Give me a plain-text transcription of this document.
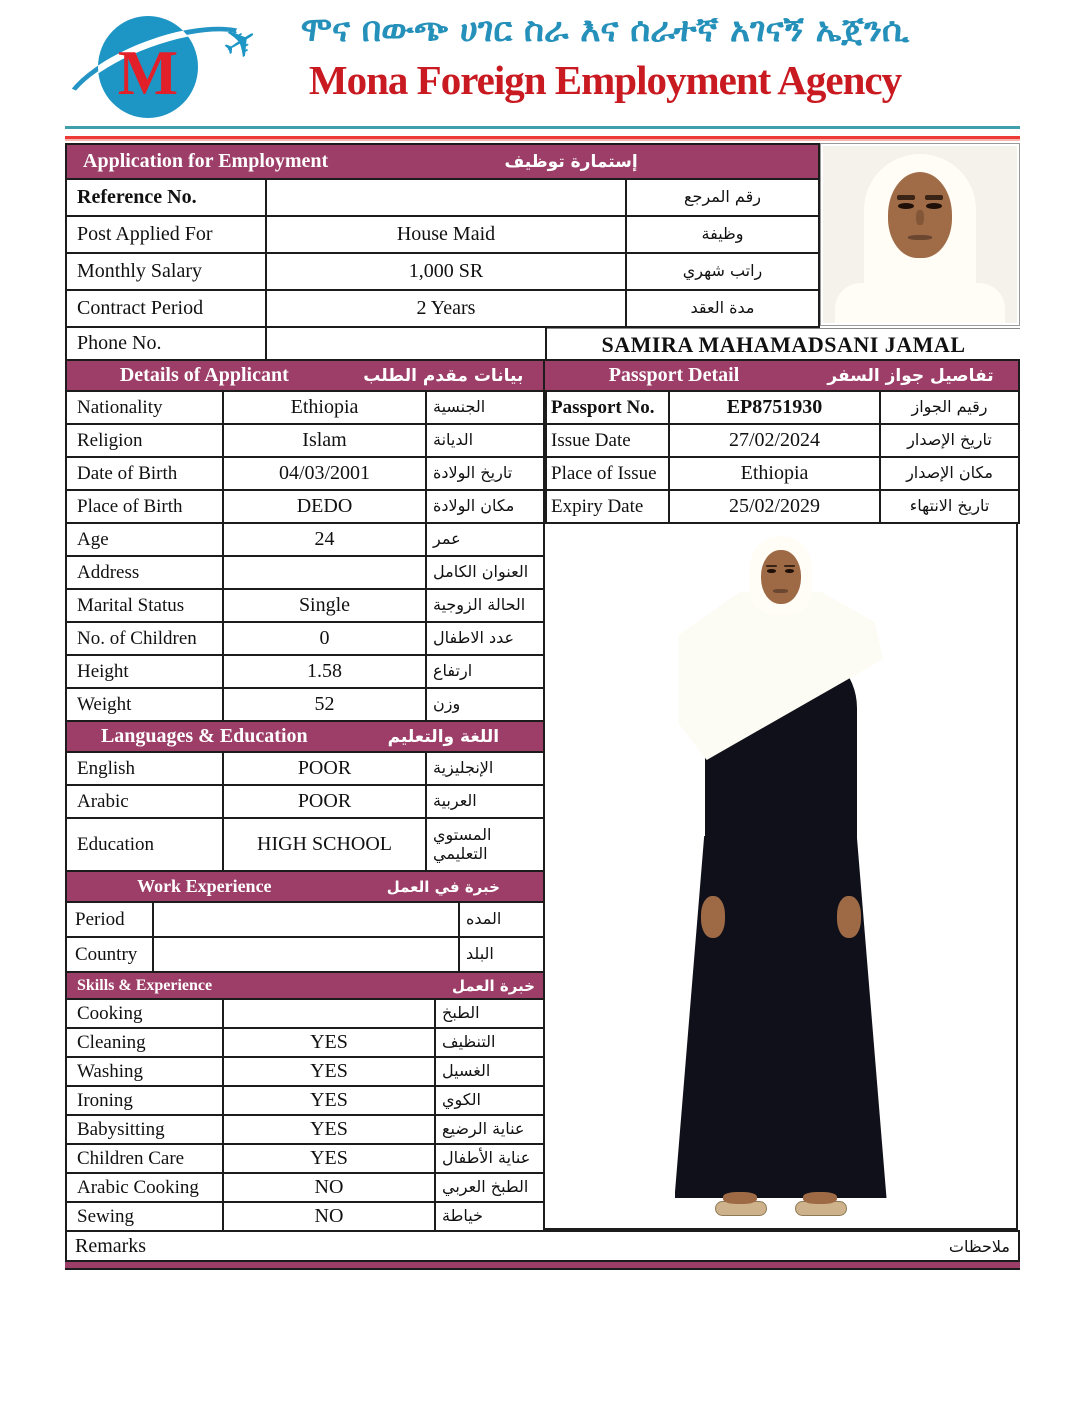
M ✈ ሞና በውጭ ሀገር ስራ እና ሰራተኛ አገናኝ ኤጀንሲ
Mona Foreign Employment Agency
Application for Employment إستمارة توظيف		

Reference No.		رقم المرجع
Post Applied For	House Maid	وظيفة
Monthly Salary	1,000 SR	راتب شهري
Contract Period	2 Years	مدة العقد
Phone No.		SAMIRA MAHAMADSANI JAMAL
Details of Applicant بيانات مقدم الطلب		

Nationality	Ethiopia	الجنسية
Religion	Islam	الديانة
Date of Birth	04/03/2001	تاريخ الولادة
Place of Birth	DEDO	مكان الولادة
Age	24	عمر
Address		العنوان الكامل
Marital Status	Single	الحالة الزوجية
No. of Children	0	عدد الاطفال
Height	1.58	ارتفاع
Weight	52	وزن
Languages & Education اللغة والتعليم		

English	POOR	الإنجليزية
Arabic	POOR	العربية
Education	HIGH SCHOOL	المستوي التعليمي
Work Experience خبرة في العمل		

Period		المده
Country		البلد
Skills & Experience خبرة العمل		

Cooking		الطبخ
Cleaning	YES	التنظيف
Washing	YES	الغسيل
Ironing	YES	الكوي
Babysitting	YES	عناية الرضيع
Children Care	YES	عناية الأطفال
Arabic Cooking	NO	الطبخ العربي
Sewing	NO	خياطة
Passport Detail تفاصيل جواز السفر		

Passport No.	EP8751930	رقيم الجواز
Issue Date	27/02/2024	تاريخ الإصدار
Place of Issue	Ethiopia	مكان الإصدار
Expiry Date	25/02/2029	تاريخ الانتهاء
Remarks	ملاحظات
